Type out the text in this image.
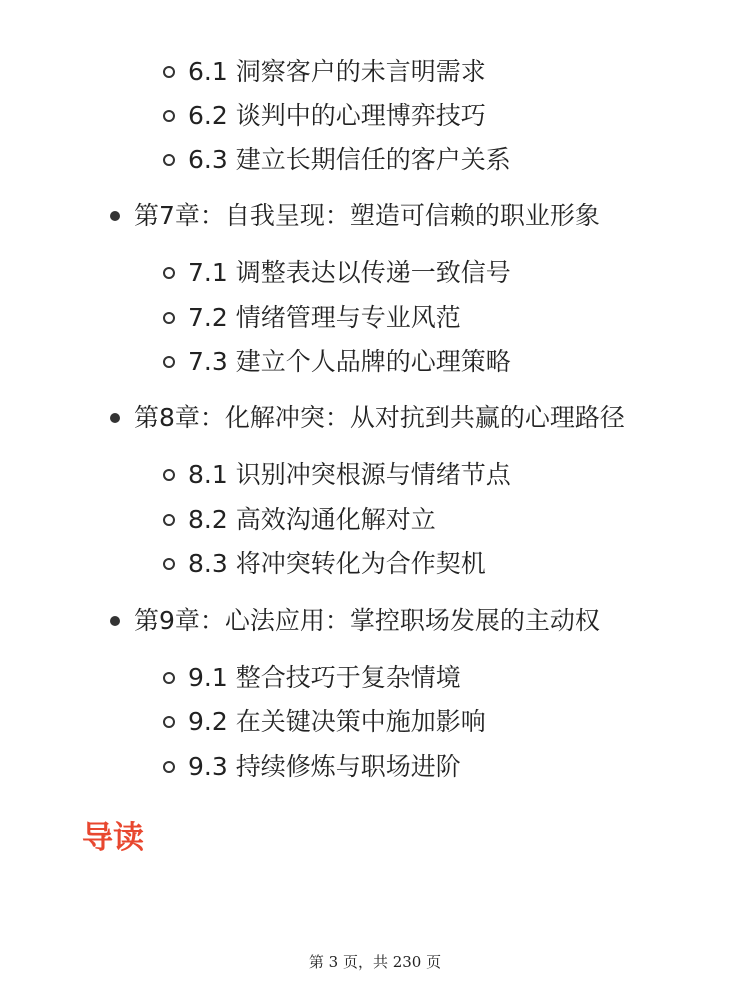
6.1 洞察客户的未言明需求
6.2 谈判中的心理博弈技巧
6.3 建立长期信任的客户关系
第7章：自我呈现：塑造可信赖的职业形象
7.1 调整表达以传递一致信号
7.2 情绪管理与专业风范
7.3 建立个人品牌的心理策略
第8章：化解冲突：从对抗到共赢的心理路径
8.1 识别冲突根源与情绪节点
8.2 高效沟通化解对立
8.3 将冲突转化为合作契机
第9章：心法应用：掌控职场发展的主动权
9.1 整合技巧于复杂情境
9.2 在关键决策中施加影响
9.3 持续修炼与职场进阶
导读
第 3 页，共 230 页
